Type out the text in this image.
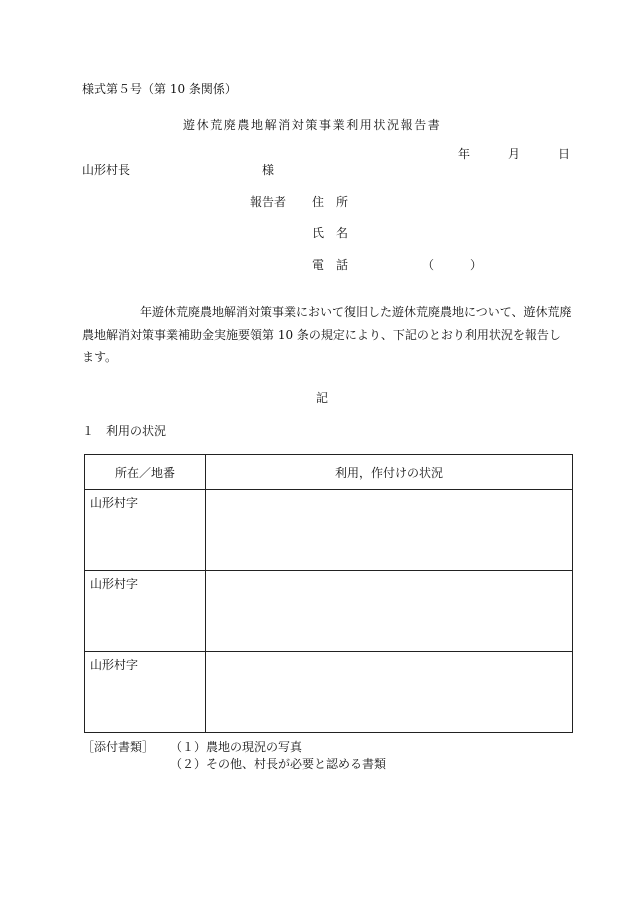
様式第５号（第 10 条関係）
遊休荒廃農地解消対策事業利用状況報告書
年	月	日
山形村長	様
報告者 住　所
氏　名
電　話	（　　　）
年遊休荒廃農地解消対策事業において復旧した遊休荒廃農地について、遊休荒廃農地解消対策事業補助金実施要領第 10 条の規定により、下記のとおり利用状況を報告します。
記
１　利用の状況
所在／地番	利用，作付けの状況
山形村字	
山形村字	
山形村字	
［添付書類］ （１）農地の現況の写真
（２）その他、村長が必要と認める書類
